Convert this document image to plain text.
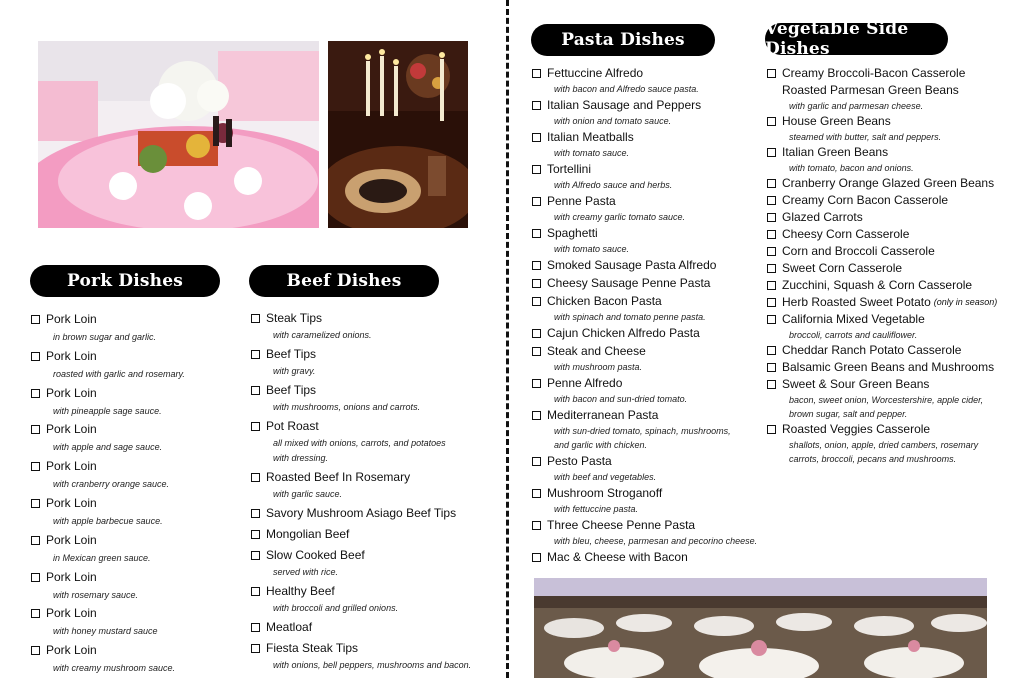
Pork Dishes	Beef Dishes
Pasta Dishes
Vegetable Side Dishes
Pork Loin
in brown sugar and garlic.
Pork Loin
roasted with garlic and rosemary.
Pork Loin
with pineapple sage sauce.
Pork Loin
with apple and sage sauce.
Pork Loin
with cranberry orange sauce.
Pork Loin
with apple barbecue sauce.
Pork Loin
in Mexican green sauce.
Pork Loin
with rosemary sauce.
Pork Loin
with honey mustard sauce
Pork Loin
with creamy mushroom sauce.
Steak Tips
with caramelized onions.
Beef Tips
with gravy.
Beef Tips
with mushrooms, onions and carrots.
Pot Roast
all mixed with onions, carrots, and potatoes
with dressing.
Roasted Beef In Rosemary
with garlic sauce.
Savory Mushroom Asiago Beef Tips
Mongolian Beef
Slow Cooked Beef
served with rice.
Healthy Beef
with broccoli and grilled onions.
Meatloaf
Fiesta Steak Tips
with onions, bell peppers, mushrooms and bacon.
Fettuccine Alfredo
with bacon and Alfredo sauce pasta.
Italian Sausage and Peppers
with onion and tomato sauce.
Italian Meatballs
with tomato sauce.
Tortellini
with Alfredo sauce and herbs.
Penne Pasta
with creamy garlic tomato sauce.
Spaghetti
with tomato sauce.
Smoked Sausage Pasta Alfredo
Cheesy Sausage Penne Pasta
Chicken Bacon Pasta
with spinach and tomato penne pasta.
Cajun Chicken Alfredo Pasta
Steak and Cheese
with mushroom pasta.
Penne Alfredo
with bacon and sun-dried tomato.
Mediterranean Pasta
with sun-dried tomato, spinach, mushrooms,
and garlic with chicken.
Pesto Pasta
with beef and vegetables.
Mushroom Stroganoff
with fettuccine pasta.
Three Cheese Penne Pasta
with bleu, cheese, parmesan and pecorino cheese.
Mac & Cheese with Bacon
Creamy Broccoli-Bacon Casserole
Roasted Parmesan Green Beans
with garlic and parmesan cheese.
House Green Beans
steamed with butter, salt and peppers.
Italian Green Beans
with tomato, bacon and onions.
Cranberry Orange Glazed Green Beans
Creamy Corn Bacon Casserole
Glazed Carrots
Cheesy Corn Casserole
Corn and Broccoli Casserole
Sweet Corn Casserole
Zucchini, Squash & Corn Casserole
Herb Roasted Sweet Potato (only in season)
California Mixed Vegetable
broccoli, carrots and cauliflower.
Cheddar Ranch Potato Casserole
Balsamic Green Beans and Mushrooms
Sweet & Sour Green Beans
bacon, sweet onion, Worcestershire, apple cider,
brown sugar, salt and pepper.
Roasted Veggies Casserole
shallots, onion, apple, dried cambers, rosemary
carrots, broccoli, pecans and mushrooms.
